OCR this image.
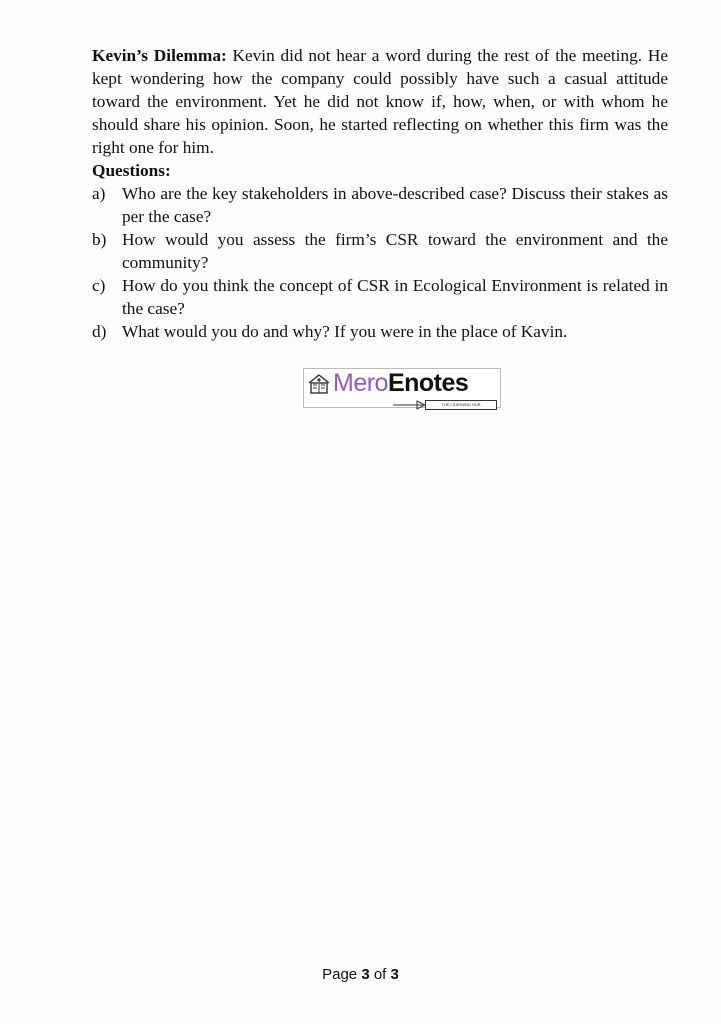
Kevin’s Dilemma: Kevin did not hear a word during the rest of the meeting. He kept wondering how the company could possibly have such a casual attitude toward the environment. Yet he did not know if, how, when, or with whom he should share his opinion. Soon, he started reflecting on whether this firm was the right one for him.

Questions:

a) Who are the key stakeholders in above-described case? Discuss their stakes as per the case?
b) How would you assess the firm’s CSR toward the environment and the community?
c) How do you think the concept of CSR in Ecological Environment is related in the case?
d) What would you do and why? If you were in the place of Kavin.
MeroEnotes
THE LEARNING HUB
Page 3 of 3
